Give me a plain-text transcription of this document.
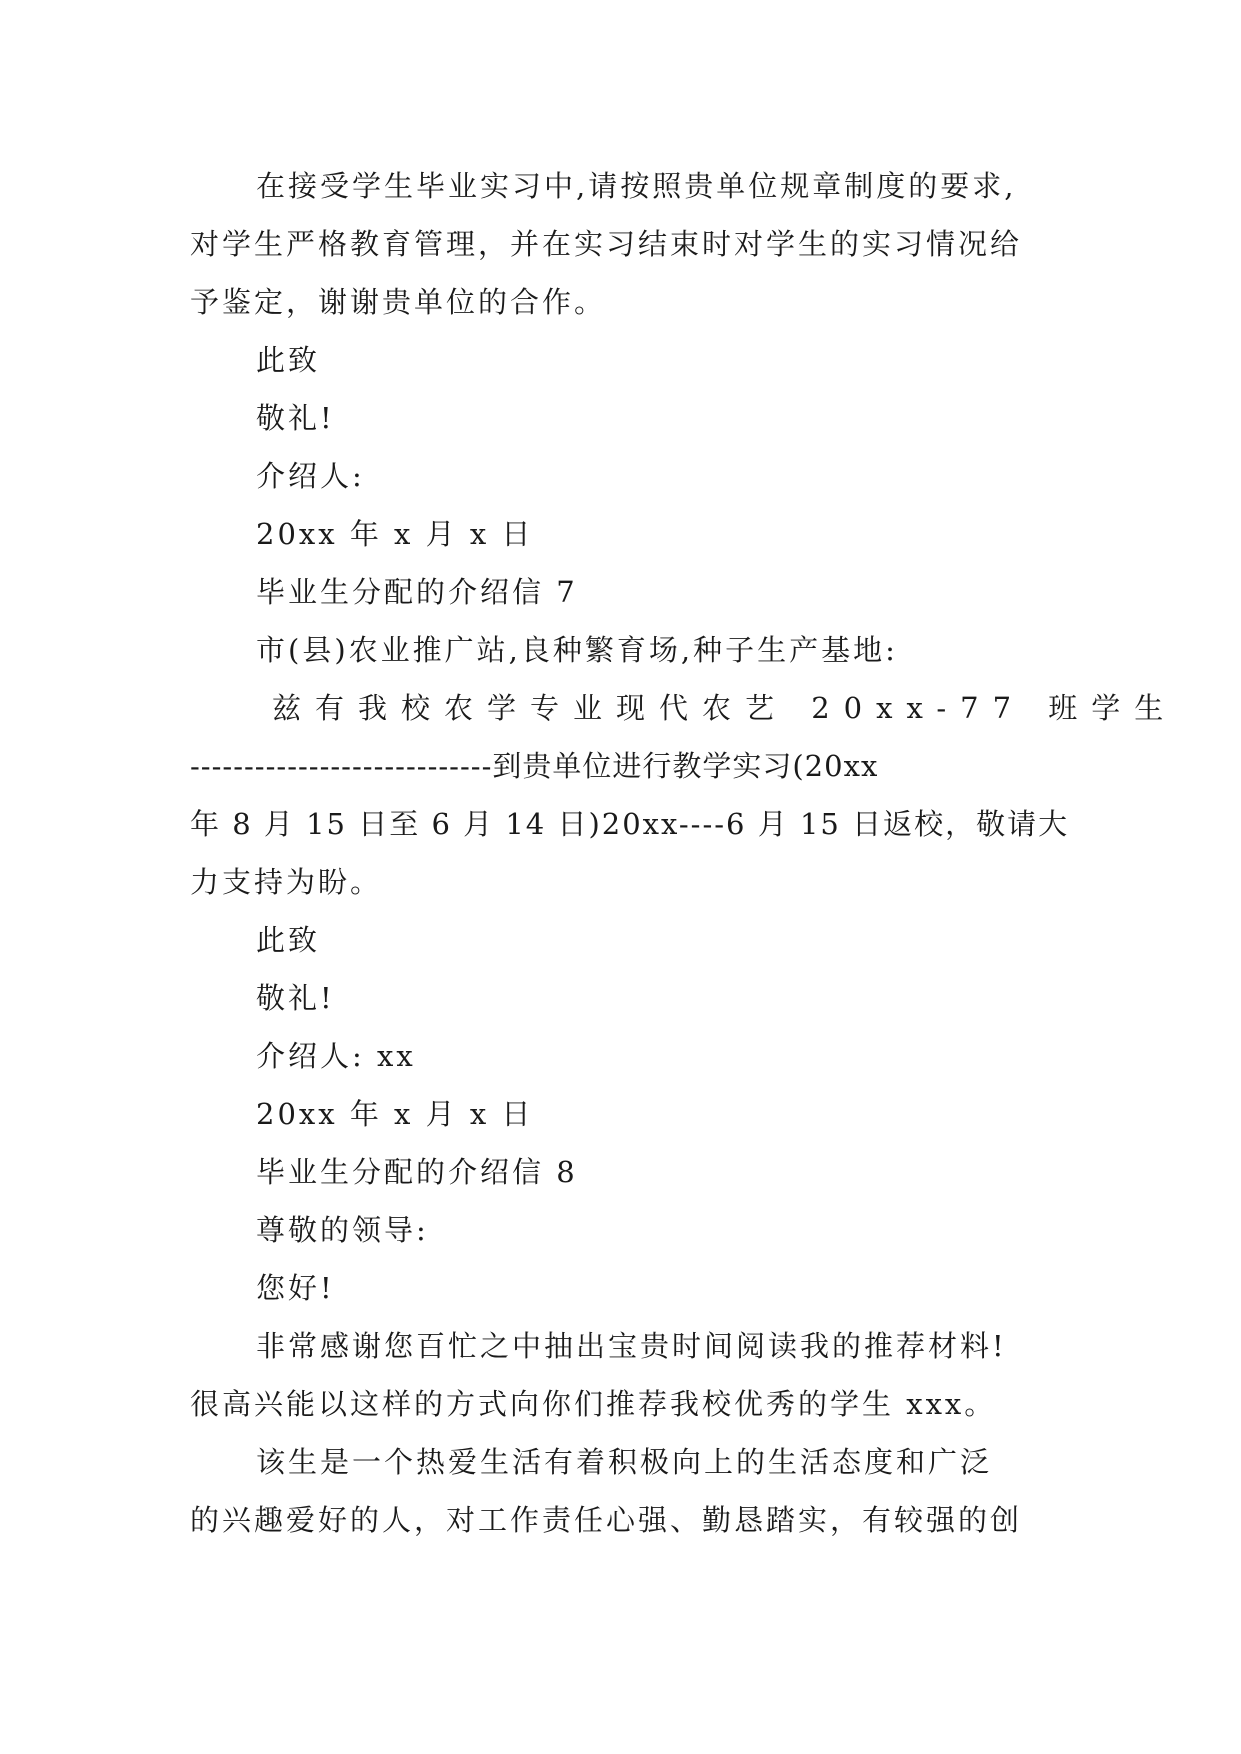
在接受学生毕业实习中,请按照贵单位规章制度的要求,
对学生严格教育管理，并在实习结束时对学生的实习情况给
予鉴定，谢谢贵单位的合作。
此致
敬礼!
介绍人:
20xx 年 x 月 x 日
毕业生分配的介绍信 7
市(县)农业推广站,良种繁育场,种子生产基地:
兹有我校农学专业现代农艺 20xx-77 班学生
----------------------------到贵单位进行教学实习(20xx
年 8 月 15 日至 6 月 14 日)20xx----6 月 15 日返校，敬请大
力支持为盼。
此致
敬礼!
介绍人: xx
20xx 年 x 月 x 日
毕业生分配的介绍信 8
尊敬的领导:
您好!
非常感谢您百忙之中抽出宝贵时间阅读我的推荐材料!
很高兴能以这样的方式向你们推荐我校优秀的学生 xxx。
该生是一个热爱生活有着积极向上的生活态度和广泛
的兴趣爱好的人，对工作责任心强、勤恳踏实，有较强的创
